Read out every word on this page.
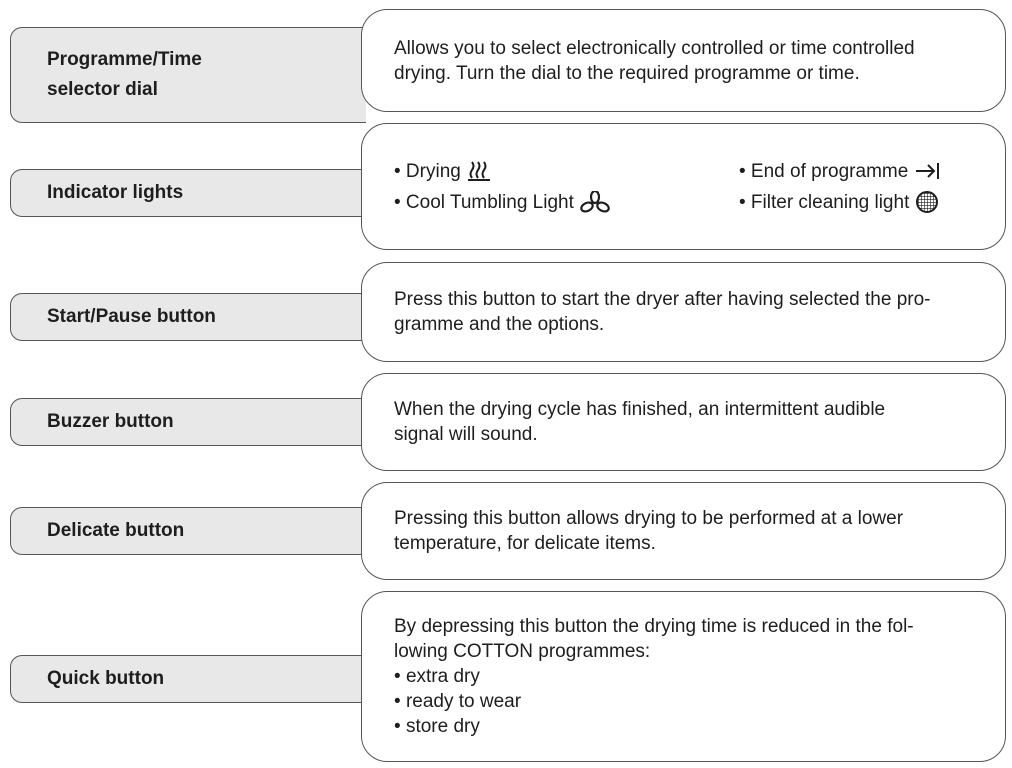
Programme/Time
selector dial

Allows you to select electronically controlled or time controlled

drying. Turn the dial to the required programme or time.

Indicator lights
• Drying	• End of programme
• Cool Tumbling Light	• Filter cleaning light
Start/Pause button

Press this button to start the dryer after having selected the pro-

gramme and the options.

Buzzer button

When the drying cycle has finished, an intermittent audible

signal will sound.

Delicate button

Pressing this button allows drying to be performed at a lower

temperature, for delicate items.

Quick button

By depressing this button the drying time is reduced in the fol-

lowing COTTON programmes:

• extra dry
• ready to wear
• store dry
